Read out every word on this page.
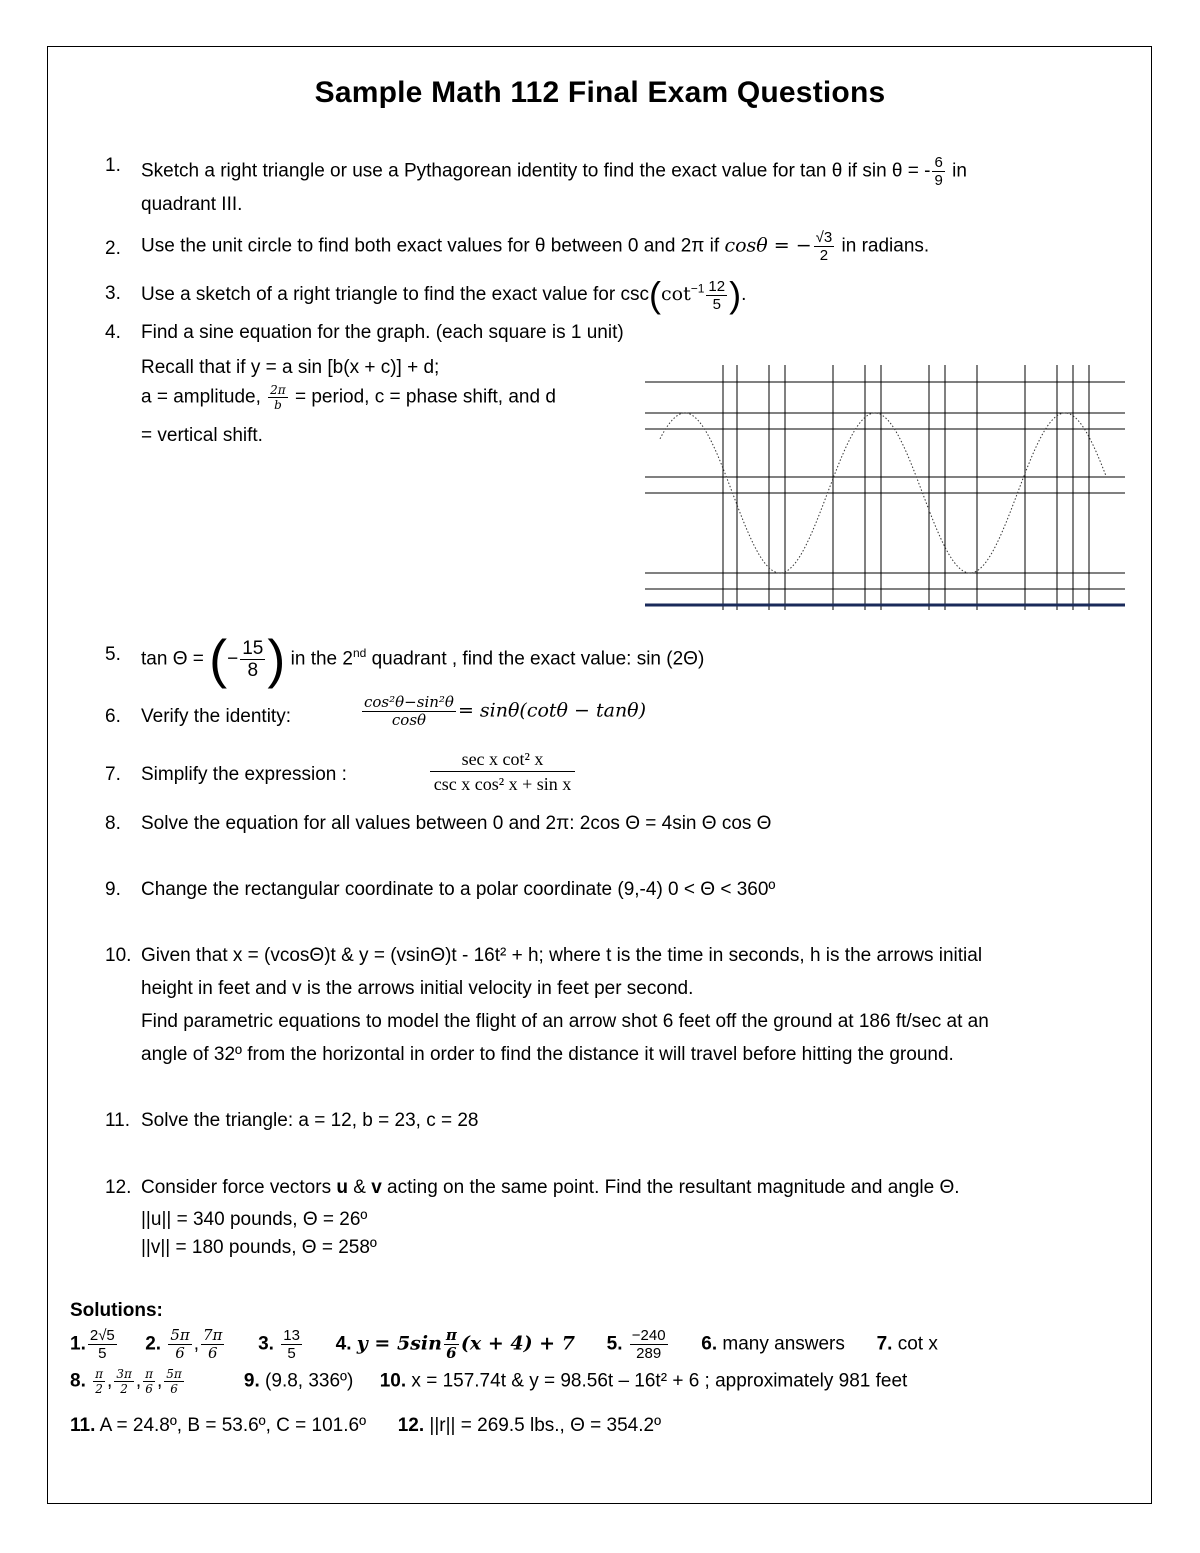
Sample Math 112 Final Exam Questions
1. Sketch a right triangle or use a Pythagorean identity to find the exact value for tan θ if sin θ = - $\frac{6}{9}$ in
quadrant III.
2. Use the unit circle to find both exact values for θ between 0 and 2π if cosθ = − $\frac{√3}{2}$ in radians.
3. Use a sketch of a right triangle to find the exact value for $\csc(\cot^{-1} \frac{12}{5}$ ).
4. Find a sine equation for the graph. (each square is 1 unit)
Recall that if y = a sin [b(x + c)] + d;
a = amplitude, $\frac{2\pi}{b}$ = period, c = phase shift, and d
= vertical shift.
5. tan Θ = (− $\frac{15}{8}$ ) in the 2nd quadrant , find the exact value: sin (2Θ)
6. Verify the identity:	$\frac{\text{cos²θ−sin²θ}}{\cos\theta} = \sin\theta(\cot\theta - \tan\theta)$
7. Simplify the expression :	$\frac{\text{sec x cot² x}}{\text{csc x cos² x + sin x}}$
8. Solve the equation for all values between 0 and 2π: 2cos Θ = 4sin Θ cos Θ
9. Change the rectangular coordinate to a polar coordinate (9,-4) 0 < Θ < 360º
10. Given that x = (vcosΘ)t & y = (vsinΘ)t - 16t² + h; where t is the time in seconds, h is the arrows initial
height in feet and v is the arrows initial velocity in feet per second.
Find parametric equations to model the flight of an arrow shot 6 feet off the ground at 186 ft/sec at an
angle of 32º from the horizontal in order to find the distance it will travel before hitting the ground.
11. Solve the triangle: a = 12, b = 23, c = 28
12. Consider force vectors u & v acting on the same point. Find the resultant magnitude and angle Θ.
||u|| = 340 pounds, Θ = 26º
||v|| = 180 pounds, Θ = 258º
Solutions:
1. $\frac{2√5}{5} 2$. $\frac{5\pi}{6}$ , $\frac{7\pi}{6} 3$. $\frac{13}{5} 4$. $y = 5\sin \frac{\pi}{6} (x + 4) + 7$ 5. $\frac{-240}{289} 6$. many answers 7. cot x
8. $\frac{\pi}{2}$ , $\frac{3\pi}{2}$ , $\frac{\pi}{6}$ , $\frac{5\pi}{6}$	9. (9.8, 336º) 10. x = 157.74t & y = 98.56t – 16t² + 6 ; approximately 981 feet
11. A = 24.8º, B = 53.6º, C = 101.6º 12. ||r|| = 269.5 lbs., Θ = 354.2º
